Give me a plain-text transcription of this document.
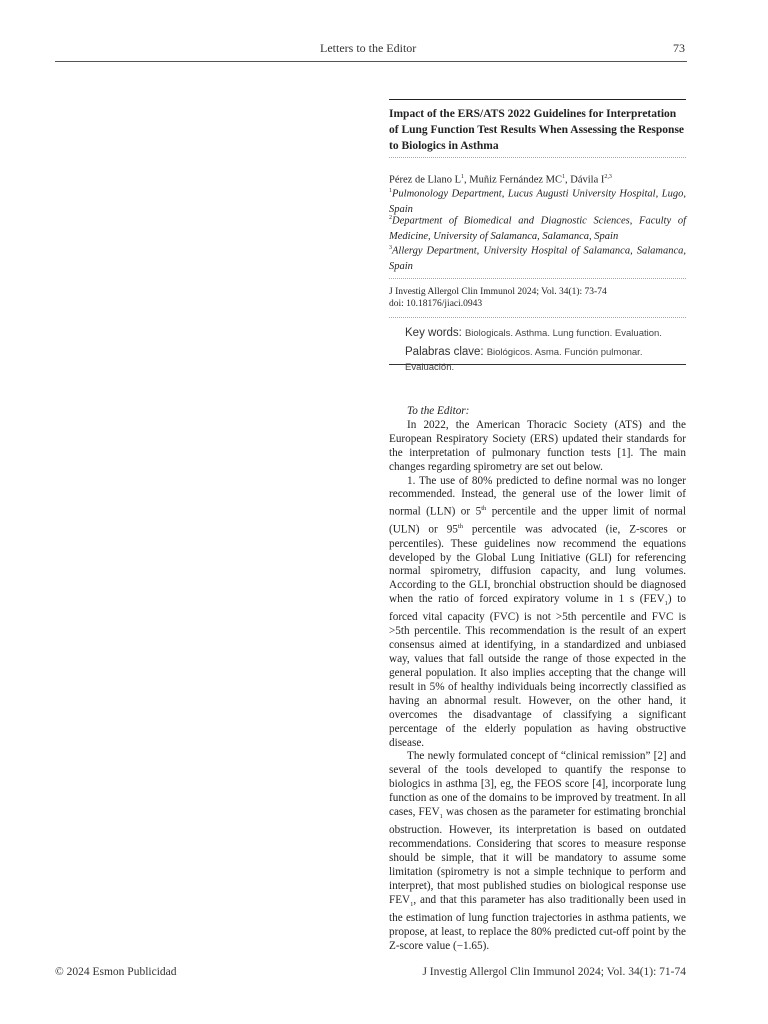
Letters to the Editor	73
Impact of the ERS/ATS 2022 Guidelines for Interpretation of Lung Function Test Results When Assessing the Response to Biologics in Asthma
Pérez de Llano $L^1$, Muñiz Fernández $MC^1$, Dávila I$^{2,3}$
$^1$Pulmonology Department, Lucus Augusti University Hospital, Lugo, Spain
$^2$Department of Biomedical and Diagnostic Sciences, Faculty of Medicine, University of Salamanca, Salamanca, Spain
$^3$Allergy Department, University Hospital of Salamanca, Salamanca, Spain
J Investig Allergol Clin Immunol 2024; Vol. 34(1): 73-74
doi: 10.18176/jiaci.0943
Key words: Biologicals. Asthma. Lung function. Evaluation.
Palabras clave: Biológicos. Asma. Función pulmonar. Evaluación.

To the Editor:

In 2022, the American Thoracic Society (ATS) and the European Respiratory Society (ERS) updated their standards for the interpretation of pulmonary function tests [1]. The main changes regarding spirometry are set out below.

1. The use of 80% predicted to define normal was no longer recommended. Instead, the general use of the lower limit of normal (LLN) or 5th percentile and the upper limit of normal (ULN) or 95th percentile was advocated (ie, Z-scores or percentiles). These guidelines now recommend the equations developed by the Global Lung Initiative (GLI) for referencing normal spirometry, diffusion capacity, and lung volumes. According to the GLI, bronchial obstruction should be diagnosed when the ratio of forced expiratory volume in 1 s $(FEV_1)$ to forced vital capacity (FVC) is not >5th percentile and FVC is >5th percentile. This recommendation is the result of an expert consensus aimed at identifying, in a standardized and unbiased way, values that fall outside the range of those expected in the general population. It also implies accepting that the change will result in 5% of healthy individuals being incorrectly classified as having an abnormal result. However, on the other hand, it overcomes the disadvantage of classifying a significant percentage of the elderly population as having obstructive disease.

The newly formulated concept of “clinical remission” [2] and several of the tools developed to quantify the response to biologics in asthma [3], eg, the FEOS score [4], incorporate lung function as one of the domains to be improved by treatment. In all cases, $FEV_1$ was chosen as the parameter for estimating bronchial obstruction. However, its interpretation is based on outdated recommendations. Considering that scores to measure response should be simple, that it will be mandatory to assume some limitation (spirometry is not a simple technique to perform and interpret), that most published studies on biological response use $FEV_1$, and that this parameter has also traditionally been used in the estimation of lung function trajectories in asthma patients, we propose, at least, to replace the 80% predicted cut-off point by the Z-score value (−1.65).

© 2024 Esmon Publicidad	J Investig Allergol Clin Immunol 2024; Vol. 34(1): 71-74
